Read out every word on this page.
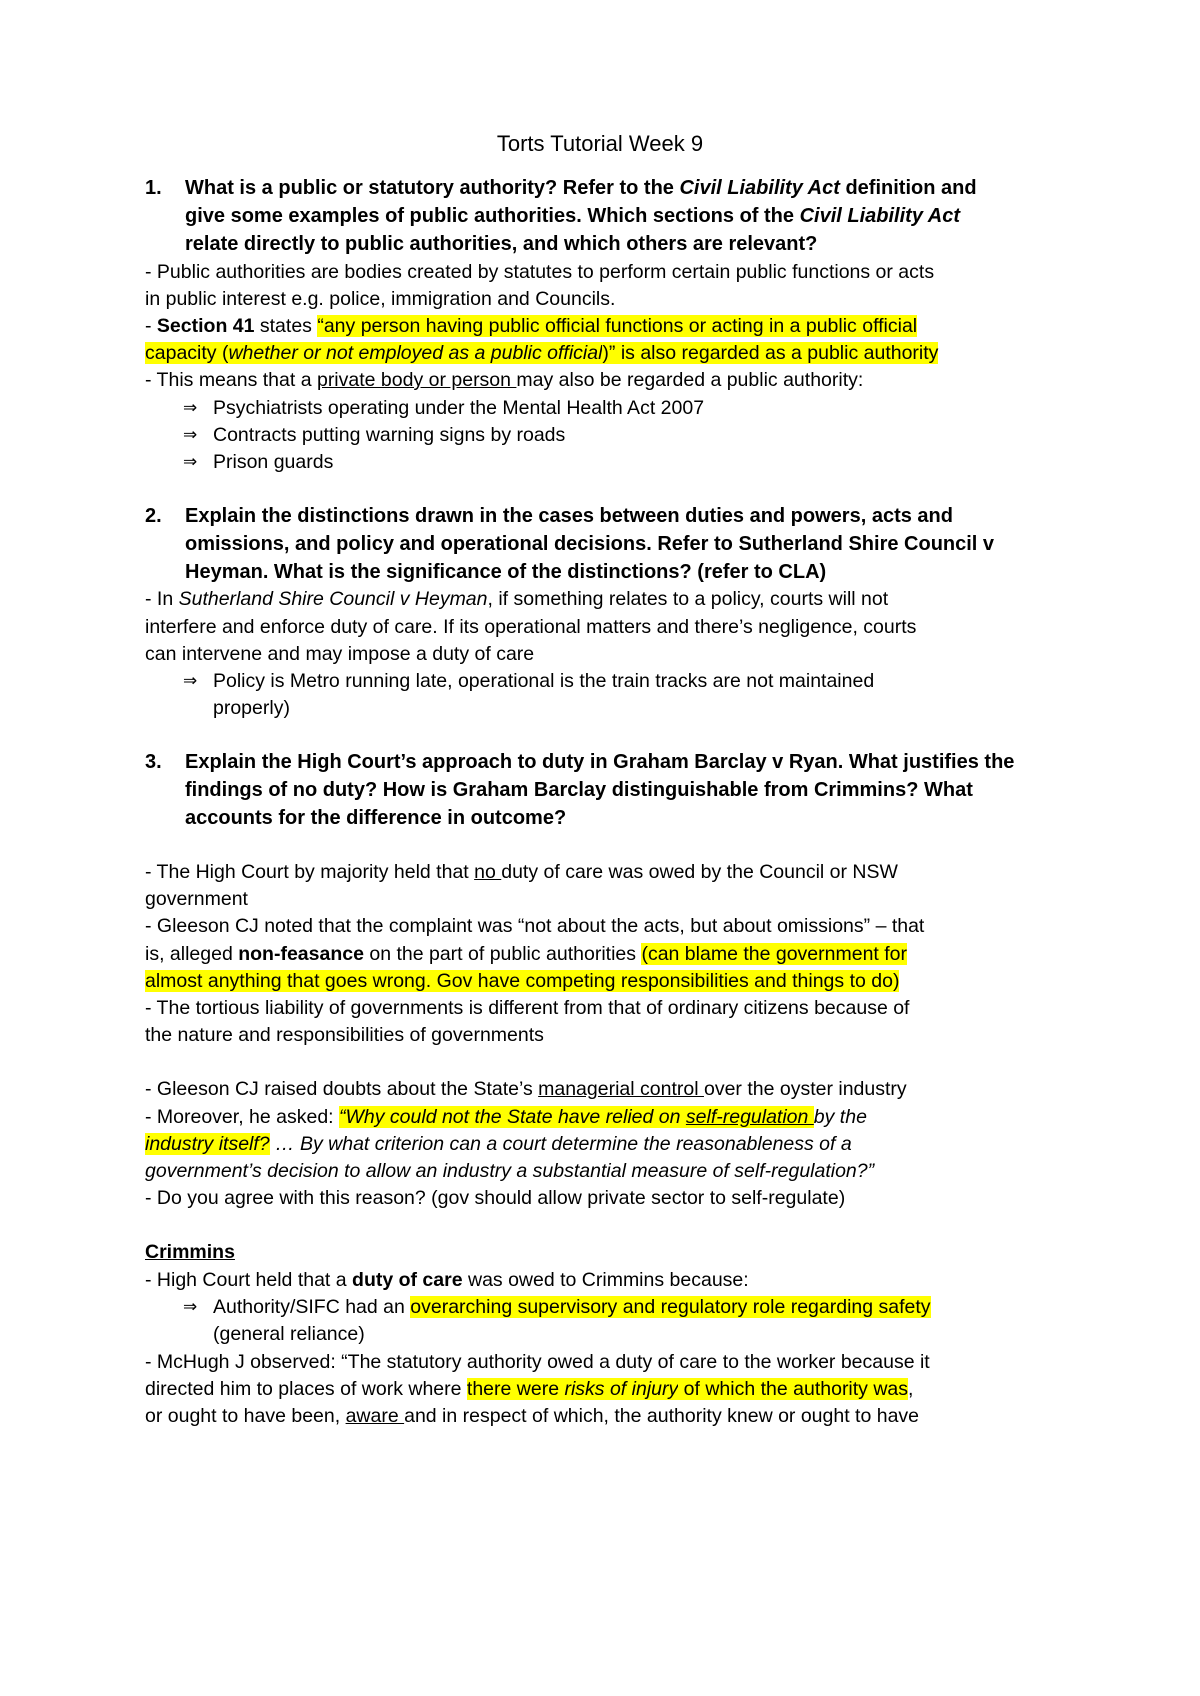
Torts Tutorial Week 9
1. What is a public or statutory authority? Refer to the Civil Liability Act definition and
give some examples of public authorities. Which sections of the Civil Liability Act
relate directly to public authorities, and which others are relevant?
- Public authorities are bodies created by statutes to perform certain public functions or acts
in public interest e.g. police, immigration and Councils.
- Section 41 states “any person having public official functions or acting in a public official
capacity (whether or not employed as a public official)” is also regarded as a public authority
- This means that a private body or person may also be regarded a public authority:
⇒ Psychiatrists operating under the Mental Health Act 2007
⇒ Contracts putting warning signs by roads
⇒ Prison guards
2. Explain the distinctions drawn in the cases between duties and powers, acts and
omissions, and policy and operational decisions. Refer to Sutherland Shire Council v
Heyman. What is the significance of the distinctions? (refer to CLA)
- In Sutherland Shire Council v Heyman, if something relates to a policy, courts will not
interfere and enforce duty of care. If its operational matters and there’s negligence, courts
can intervene and may impose a duty of care
⇒ Policy is Metro running late, operational is the train tracks are not maintained
properly)
3. Explain the High Court’s approach to duty in Graham Barclay v Ryan. What justifies the
findings of no duty? How is Graham Barclay distinguishable from Crimmins? What
accounts for the difference in outcome?
- The High Court by majority held that no duty of care was owed by the Council or NSW
government
- Gleeson CJ noted that the complaint was “not about the acts, but about omissions” – that
is, alleged non-feasance on the part of public authorities (can blame the government for
almost anything that goes wrong. Gov have competing responsibilities and things to do)
- The tortious liability of governments is different from that of ordinary citizens because of
the nature and responsibilities of governments
- Gleeson CJ raised doubts about the State’s managerial control over the oyster industry
- Moreover, he asked: “Why could not the State have relied on self-regulation by the
industry itself? … By what criterion can a court determine the reasonableness of a
government’s decision to allow an industry a substantial measure of self-regulation?”
- Do you agree with this reason? (gov should allow private sector to self-regulate)
Crimmins
- High Court held that a duty of care was owed to Crimmins because:
⇒ Authority/SIFC had an overarching supervisory and regulatory role regarding safety
(general reliance)
- McHugh J observed: “The statutory authority owed a duty of care to the worker because it
directed him to places of work where there were risks of injury of which the authority was,
or ought to have been, aware and in respect of which, the authority knew or ought to have
